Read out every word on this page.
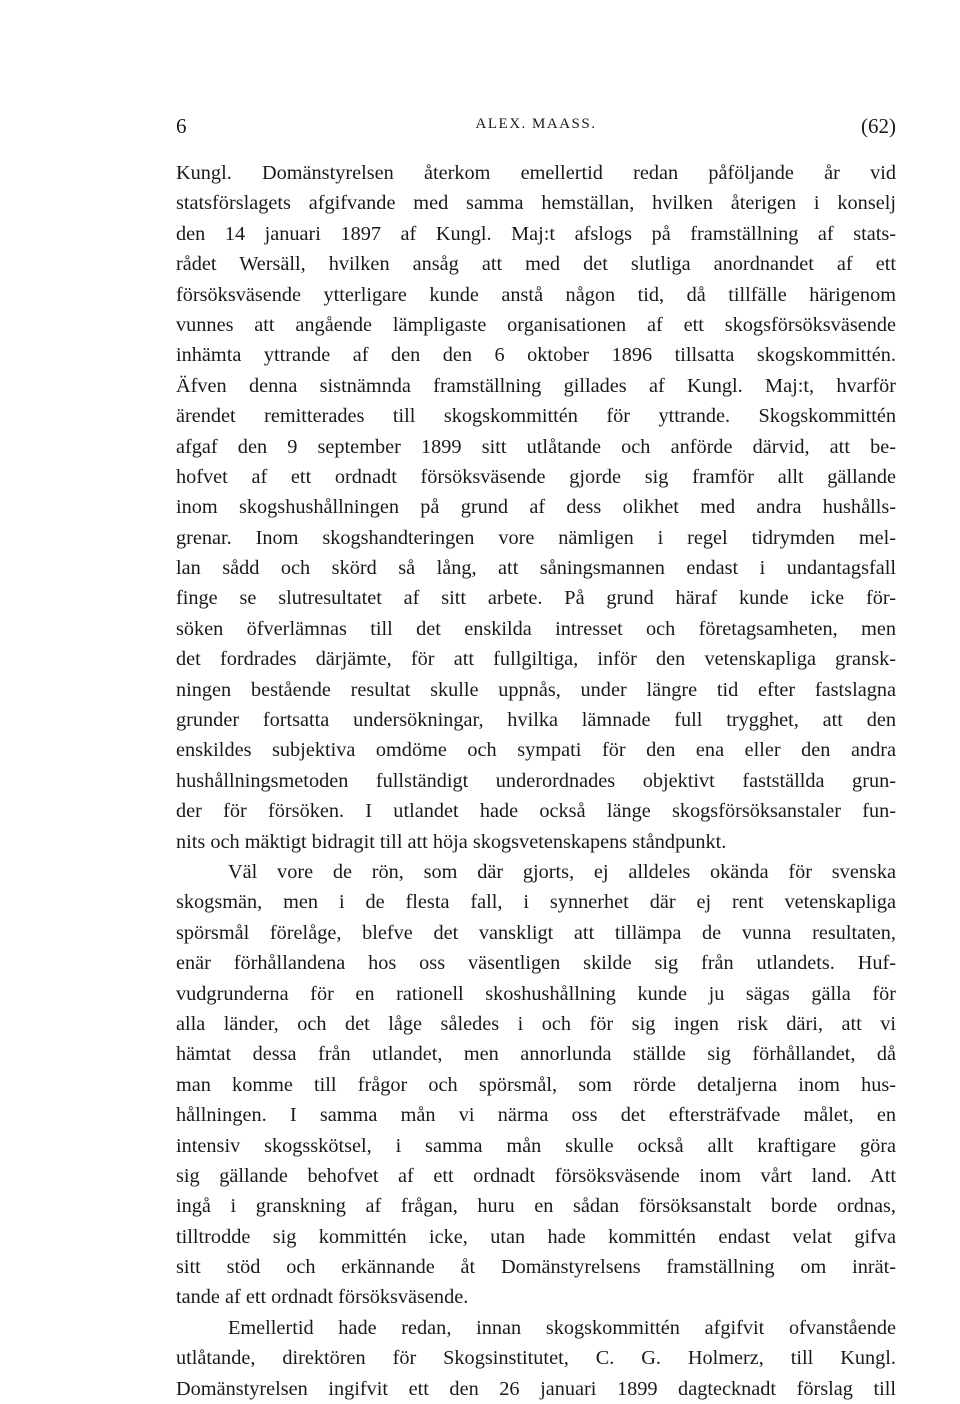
6	ALEX. MAASS.	(62)
Kungl. Domänstyrelsen återkom emellertid redan påföljande år vid
statsförslagets afgifvande med samma hemställan, hvilken återigen i konselj
den 14 januari 1897 af Kungl. Maj:t afslogs på framställning af stats-
rådet Wersäll, hvilken ansåg att med det slutliga anordnandet af ett
försöksväsende ytterligare kunde anstå någon tid, då tillfälle härigenom
vunnes att angående lämpligaste organisationen af ett skogsförsöksväsende
inhämta yttrande af den den 6 oktober 1896 tillsatta skogskommittén.
Äfven denna sistnämnda framställning gillades af Kungl. Maj:t, hvarför
ärendet remitterades till skogskommittén för yttrande. Skogskommittén
afgaf den 9 september 1899 sitt utlåtande och anförde därvid, att be-
hofvet af ett ordnadt försöksväsende gjorde sig framför allt gällande
inom skogshushållningen på grund af dess olikhet med andra hushålls-
grenar. Inom skogshandteringen vore nämligen i regel tidrymden mel-
lan sådd och skörd så lång, att såningsmannen endast i undantagsfall
finge se slutresultatet af sitt arbete. På grund häraf kunde icke för-
söken öfverlämnas till det enskilda intresset och företagsamheten, men
det fordrades därjämte, för att fullgiltiga, inför den vetenskapliga gransk-
ningen bestående resultat skulle uppnås, under längre tid efter fastslagna
grunder fortsatta undersökningar, hvilka lämnade full trygghet, att den
enskildes subjektiva omdöme och sympati för den ena eller den andra
hushållningsmetoden fullständigt underordnades objektivt fastställda grun-
der för försöken. I utlandet hade också länge skogsförsöksanstaler fun-
nits och mäktigt bidragit till att höja skogsvetenskapens ståndpunkt.
Väl vore de rön, som där gjorts, ej alldeles okända för svenska
skogsmän, men i de flesta fall, i synnerhet där ej rent vetenskapliga
spörsmål förelåge, blefve det vanskligt att tillämpa de vunna resultaten,
enär förhållandena hos oss väsentligen skilde sig från utlandets. Huf-
vudgrunderna för en rationell skoshushållning kunde ju sägas gälla för
alla länder, och det låge således i och för sig ingen risk däri, att vi
hämtat dessa från utlandet, men annorlunda ställde sig förhållandet, då
man komme till frågor och spörsmål, som rörde detaljerna inom hus-
hållningen. I samma mån vi närma oss det eftersträfvade målet, en
intensiv skogsskötsel, i samma mån skulle också allt kraftigare göra
sig gällande behofvet af ett ordnadt försöksväsende inom vårt land. Att
ingå i granskning af frågan, huru en sådan försöksanstalt borde ordnas,
tilltrodde sig kommittén icke, utan hade kommittén endast velat gifva
sitt stöd och erkännande åt Domänstyrelsens framställning om inrät-
tande af ett ordnadt försöksväsende.
Emellertid hade redan, innan skogskommittén afgifvit ofvanstående
utlåtande, direktören för Skogsinstitutet, C. G. Holmerz, till Kungl.
Domänstyrelsen ingifvit ett den 26 januari 1899 dagtecknadt förslag till
